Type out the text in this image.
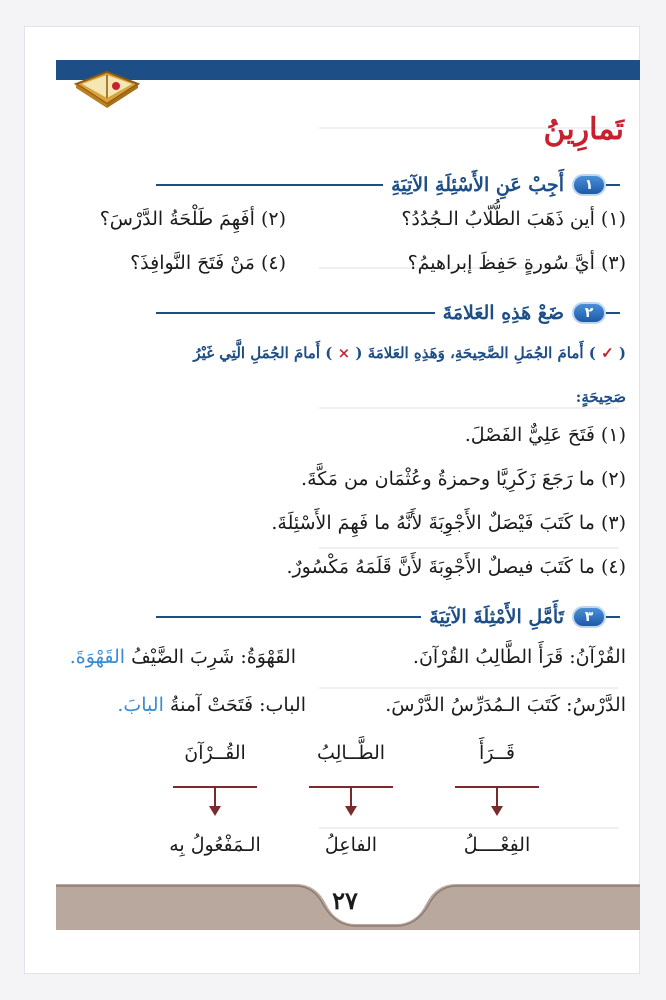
تَمارِينُ
١
أَجِبْ عَنِ الأَسْئِلَةِ الآتِيَةِ
(١) أين ذَهَبَ الطُّلّابُ الـجُدُدُ؟
(٢) أفَهِمَ طَلْحَةُ الدَّرْسَ؟
(٣) أيَّ سُورةٍ حَفِظَ إبراهيمُ؟
(٤) مَنْ فَتَحَ النَّوافِذَ؟
٢
ضَعْ هَذِهِ العَلامَةَ
( ✓ ) أَمامَ الجُمَلِ الصَّحِيحَةِ، وَهَذِهِ العَلامَةَ ( × ) أَمامَ الجُمَلِ الَّتِي غَيْرُ
صَحِيحَةٍ:
(١) فَتَحَ عَلِيٌّ الفَصْلَ.
(٢) ما رَجَعَ زَكَرِيَّا وحمزةُ وعُثْمَان من مَكَّةَ.
(٣) ما كَتَبَ فَيْصَلٌ الأَجْوِبَةَ لأَنَّهُ ما فَهِمَ الأَسْئِلَةَ.
(٤) ما كَتَبَ فيصلٌ الأَجْوِبَةَ لأَنَّ قَلَمَهُ مَكْسُورٌ.
٣
تَأَمَّلِ الأَمْثِلَةَ الآتِيَةَ
القُرْآنُ: قَرَأَ الطَّالِبُ القُرْآنَ.
القَهْوَةُ: شَرِبَ الضَّيْفُ القَهْوَةَ.
الدَّرْسُ: كَتَبَ الـمُدَرِّسُ الدَّرْسَ.
الباب: فَتَحَتْ آمنةُ البابَ.
قَــرَأَ
الطَّــالِبُ
القُــرْآنَ
الفِعْــــلُ
الفاعِلُ
الـمَفْعُولُ بِه
٢٧
